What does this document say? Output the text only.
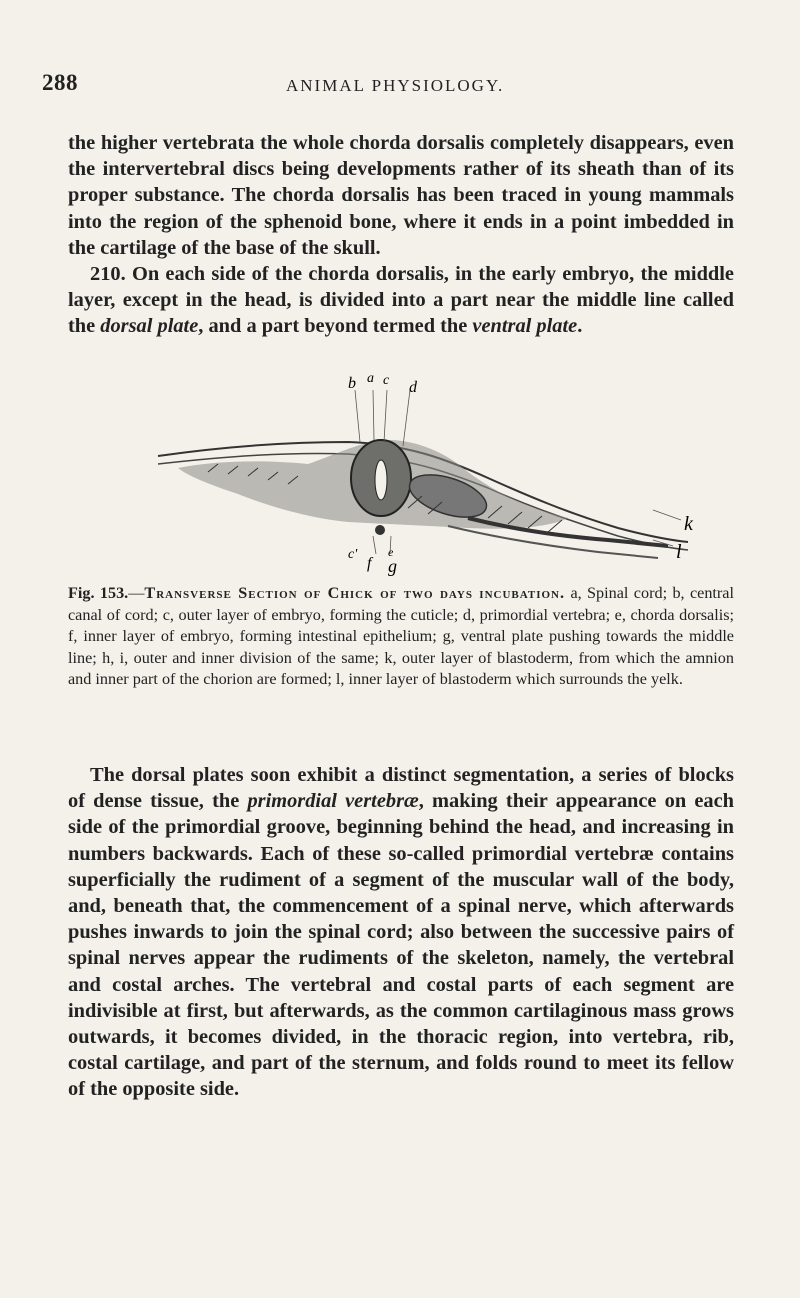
288	ANIMAL PHYSIOLOGY.

the higher vertebrata the whole chorda dorsalis completely disappears, even the intervertebral discs being developments rather of its sheath than of its proper substance. The chorda dorsalis has been traced in young mammals into the region of the sphenoid bone, where it ends in a point imbedded in the cartilage of the base of the skull.

210. On each side of the chorda dorsalis, in the early embryo, the middle layer, except in the head, is divided into a part near the middle line called the dorsal plate, and a part beyond termed the ventral plate.

b a c d
k
c'
f
e
g
l
Fig. 153.—Transverse Section of Chick of two days incubation. a, Spinal cord; b, central canal of cord; c, outer layer of embryo, forming the cuticle; d, primordial vertebra; e, chorda dorsalis; f, inner layer of embryo, forming intestinal epithelium; g, ventral plate pushing towards the middle line; h, i, outer and inner division of the same; k, outer layer of blastoderm, from which the amnion and inner part of the chorion are formed; l, inner layer of blastoderm which surrounds the yelk.

The dorsal plates soon exhibit a distinct segmentation, a series of blocks of dense tissue, the primordial vertebræ, making their appearance on each side of the primordial groove, beginning behind the head, and increasing in numbers backwards. Each of these so-called primordial vertebræ contains superficially the rudiment of a segment of the muscular wall of the body, and, beneath that, the commencement of a spinal nerve, which afterwards pushes inwards to join the spinal cord; also between the successive pairs of spinal nerves appear the rudiments of the skeleton, namely, the vertebral and costal arches. The vertebral and costal parts of each segment are indivisible at first, but afterwards, as the common cartilaginous mass grows outwards, it becomes divided, in the thoracic region, into vertebra, rib, costal cartilage, and part of the sternum, and folds round to meet its fellow of the opposite side.
